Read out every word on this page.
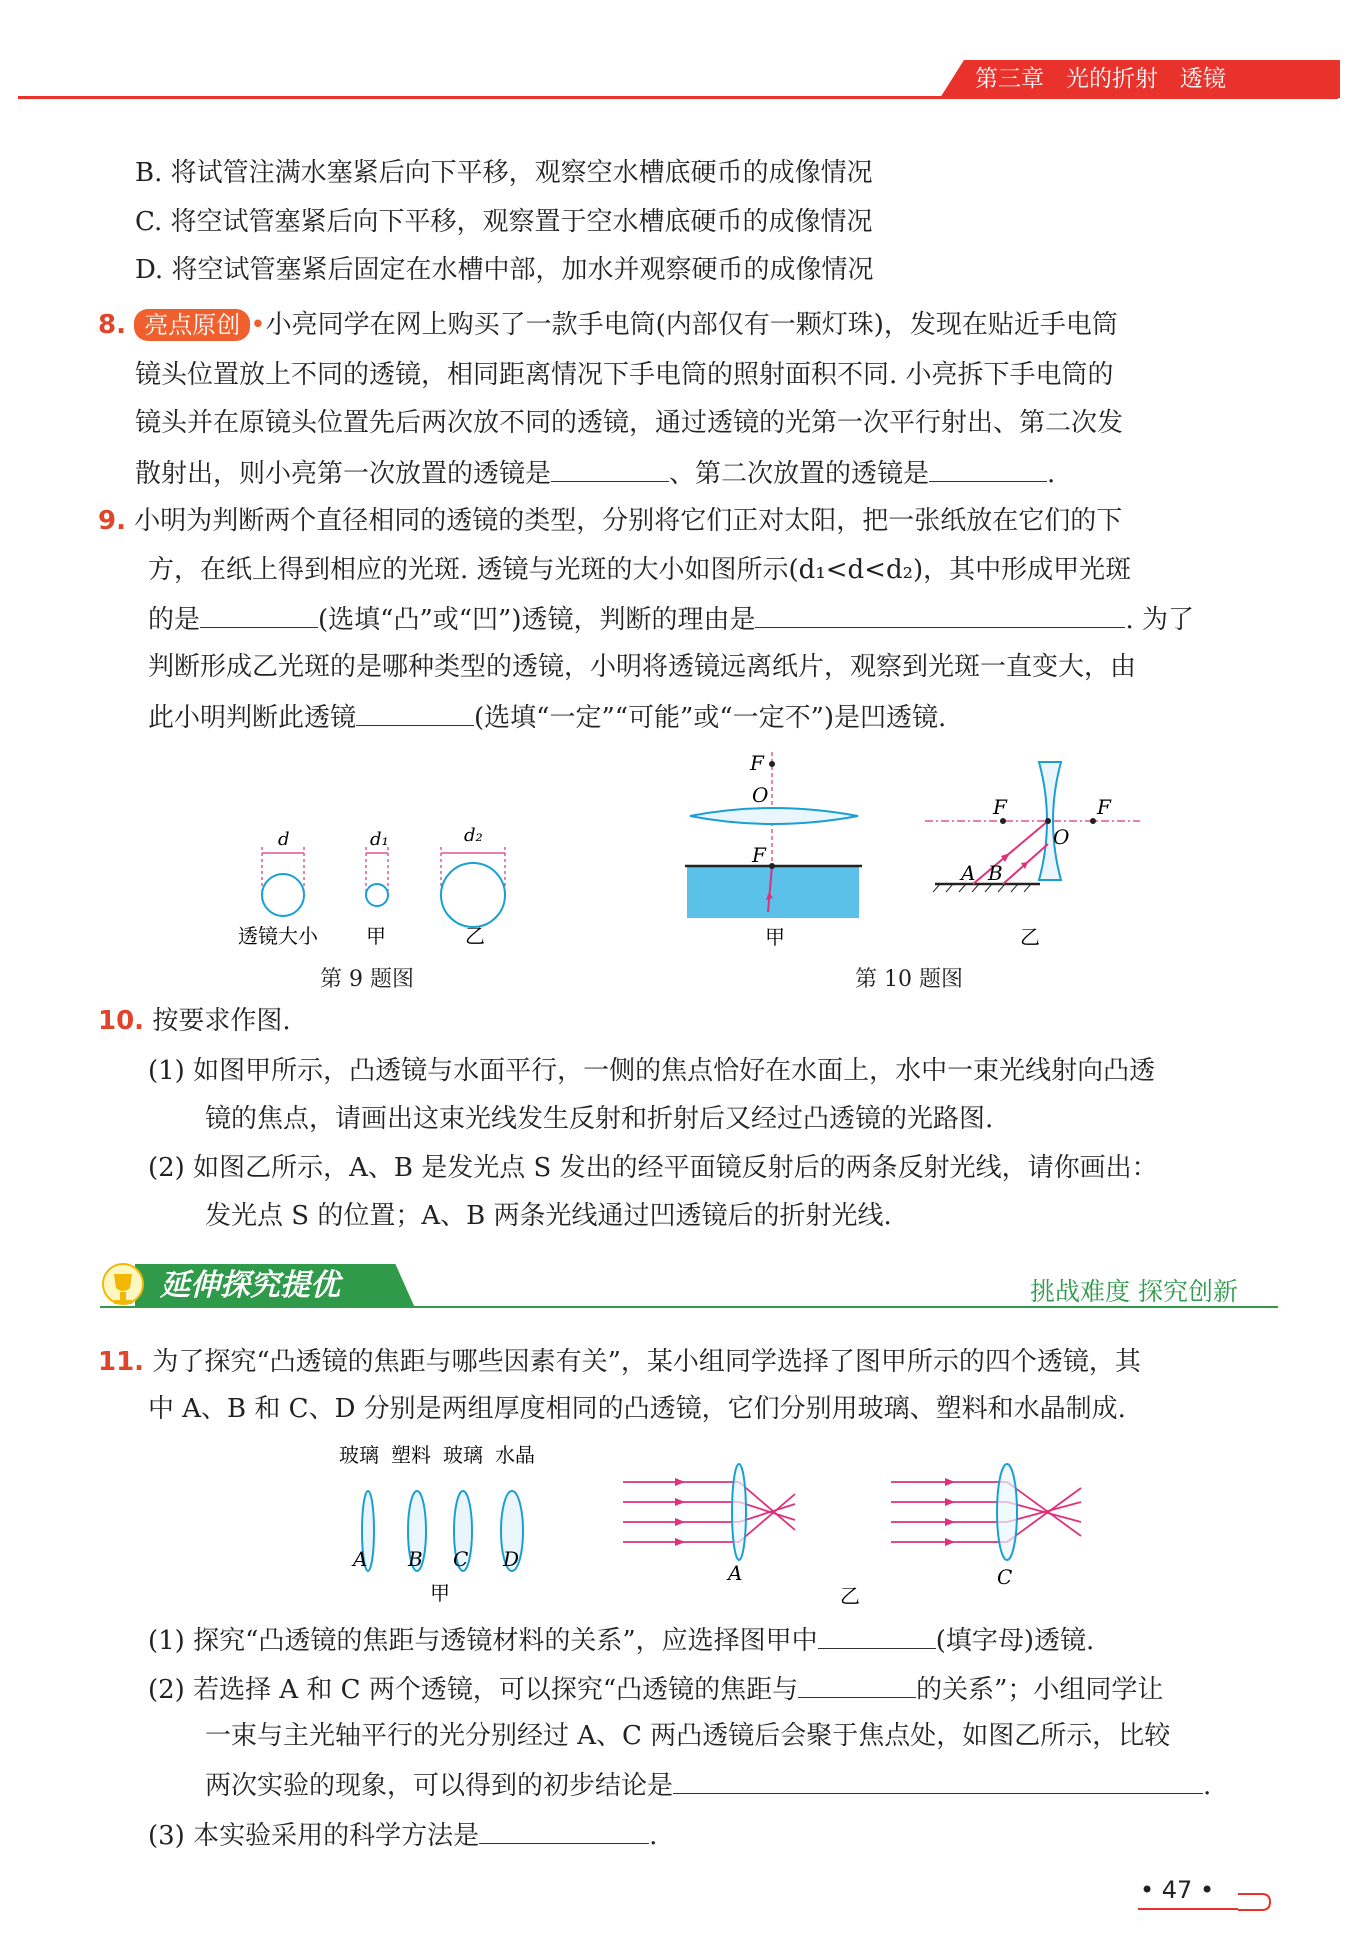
第三章 光的折射 透镜
B. 将试管注满水塞紧后向下平移，观察空水槽底硬币的成像情况
C. 将空试管塞紧后向下平移，观察置于空水槽底硬币的成像情况
D. 将空试管塞紧后固定在水槽中部，加水并观察硬币的成像情况
8. 亮点原创 •小亮同学在网上购买了一款手电筒(内部仅有一颗灯珠)，发现在贴近手电筒
镜头位置放上不同的透镜，相同距离情况下手电筒的照射面积不同. 小亮拆下手电筒的
镜头并在原镜头位置先后两次放不同的透镜，通过透镜的光第一次平行射出、第二次发
散射出，则小亮第一次放置的透镜是	、第二次放置的透镜是	.
9. 小明为判断两个直径相同的透镜的类型，分别将它们正对太阳，把一张纸放在它们的下
方，在纸上得到相应的光斑. 透镜与光斑的大小如图所示(d₁<d<d₂)，其中形成甲光斑
的是	(选填“凸”或“凹”)透镜，判断的理由是	. 为了
判断形成乙光斑的是哪种类型的透镜，小明将透镜远离纸片，观察到光斑一直变大，由
此小明判断此透镜	(选填“一定”“可能”或“一定不”)是凹透镜.
d	d₁	d₂
透镜大小 甲	乙
第 9 题图
F
O
F
甲
F
O
F
A B
乙
第 10 题图
10. 按要求作图.
(1) 如图甲所示，凸透镜与水面平行，一侧的焦点恰好在水面上，水中一束光线射向凸透
镜的焦点，请画出这束光线发生反射和折射后又经过凸透镜的光路图.
(2) 如图乙所示，A、B 是发光点 S 发出的经平面镜反射后的两条反射光线，请你画出：
发光点 S 的位置；A、B 两条光线通过凹透镜后的折射光线.
延伸探究提优	挑战难度 探究创新
11. 为了探究“凸透镜的焦距与哪些因素有关”，某小组同学选择了图甲所示的四个透镜，其
中 A、B 和 C、D 分别是两组厚度相同的凸透镜，它们分别用玻璃、塑料和水晶制成.
玻璃 塑料 玻璃 水晶
A B C D
甲
A	C
乙
(1) 探究“凸透镜的焦距与透镜材料的关系”，应选择图甲中	(填字母)透镜.
(2) 若选择 A 和 C 两个透镜，可以探究“凸透镜的焦距与	的关系”；小组同学让
一束与主光轴平行的光分别经过 A、C 两凸透镜后会聚于焦点处，如图乙所示，比较
两次实验的现象，可以得到的初步结论是	.
(3) 本实验采用的科学方法是	.
• 47 •
